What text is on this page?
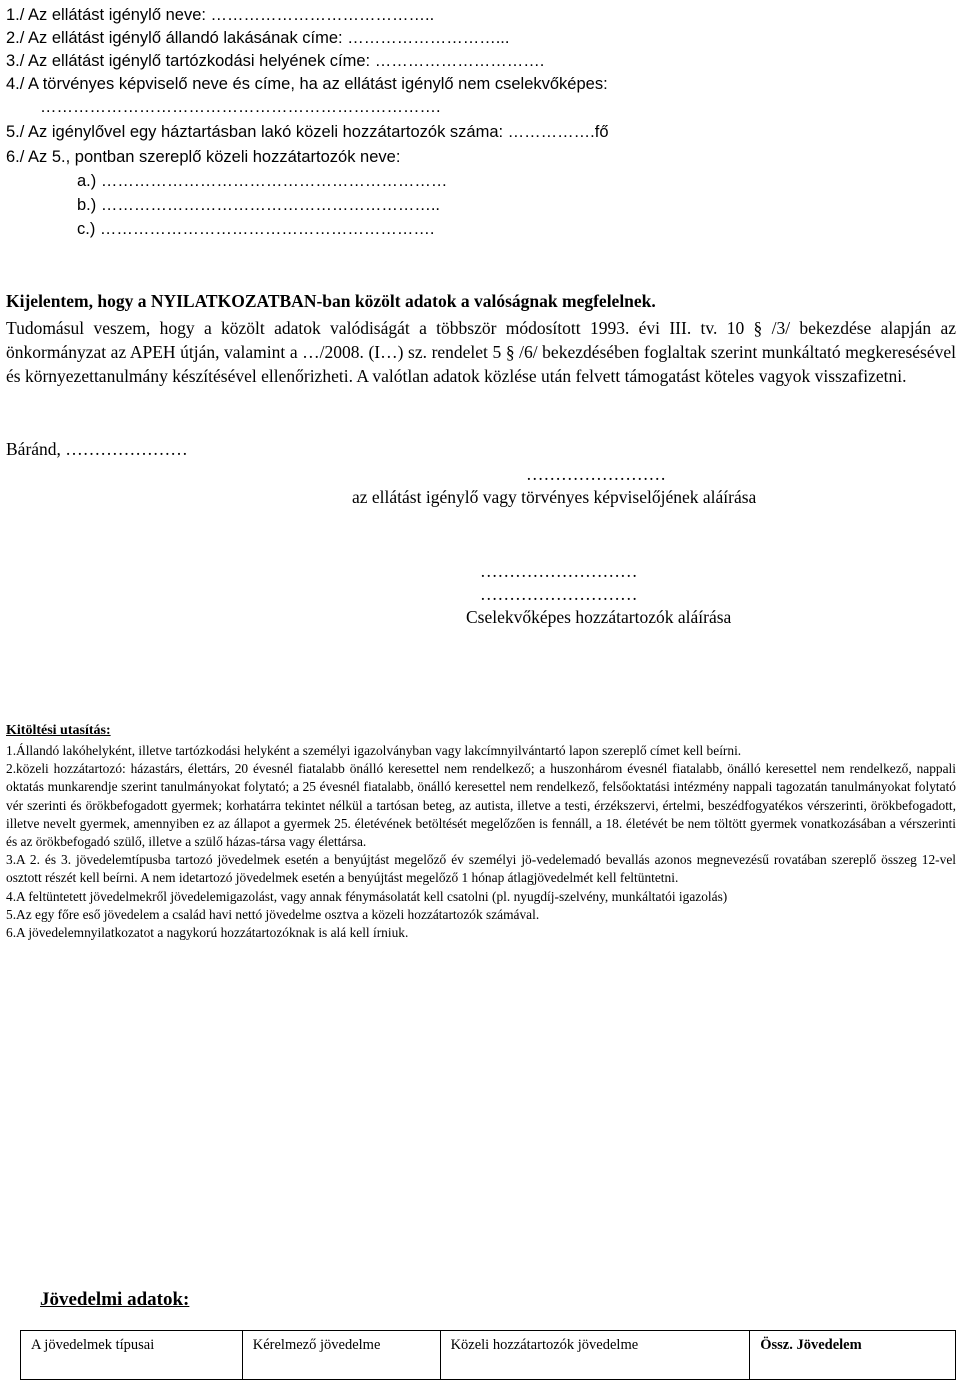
1./ Az ellátást igénylő neve: …………………………………..
2./ Az ellátást igénylő állandó lakásának címe: ………………………...
3./ Az ellátást igénylő tartózkodási helyének címe: ………………………….
4./ A törvényes képviselő neve és címe, ha az ellátást igénylő nem cselekvőképes:
……………………………………………………………….
5./ Az igénylővel egy háztartásban lakó közeli hozzátartozók száma: …………….fő
6./ Az 5., pontban szereplő közeli hozzátartozók neve:
a.) ………………………………………………………
b.) ……………………………………………………..
c.) …………………………………………………….
Kijelentem, hogy a NYILATKOZATBAN-ban közölt adatok a valóságnak megfelelnek.
Tudomásul veszem, hogy a közölt adatok valódiságát a többször módosított 1993. évi III. tv. 10 § /3/ bekezdése alapján az önkormányzat az APEH útján, valamint a …/2008. (I…) sz. rendelet 5 § /6/ bekezdésében foglaltak szerint munkáltató megkeresésével és környezettanulmány készítésével ellenőrizheti. A valótlan adatok közlése után felvett támogatást köteles vagyok visszafizetni.
Báránd, …………………
……………………
az ellátást igénylő vagy törvényes képviselőjének aláírása
………………………
………………………
Cselekvőképes hozzátartozók aláírása
Kitöltési utasítás:

1.Állandó lakóhelyként, illetve tartózkodási helyként a személyi igazolványban vagy lakcímnyilvántartó lapon szereplő címet kell beírni.

2.közeli hozzátartozó: házastárs, élettárs, 20 évesnél fiatalabb önálló keresettel nem rendelkező; a huszonhárom évesnél fiatalabb, önálló keresettel nem rendelkező, nappali oktatás munkarendje szerint tanulmányokat folytató; a 25 évesnél fiatalabb, önálló keresettel nem rendelkező, felsőoktatási intézmény nappali tagozatán tanulmányokat folytató vér szerinti és örökbefogadott gyermek; korhatárra tekintet nélkül a tartósan beteg, az autista, illetve a testi, érzékszervi, értelmi, beszédfogyatékos vérszerinti, örökbefogadott, illetve nevelt gyermek, amennyiben ez az állapot a gyermek 25. életévének betöltését megelőzően is fennáll, a 18. életévét be nem töltött gyermek vonatkozásában a vérszerinti és az örökbefogadó szülő, illetve a szülő házas-társa vagy élettársa.

3.A 2. és 3. jövedelemtípusba tartozó jövedelmek esetén a benyújtást megelőző év személyi jö-vedelemadó bevallás azonos megnevezésű rovatában szereplő összeg 12-vel osztott részét kell beírni. A nem idetartozó jövedelmek esetén a benyújtást megelőző 1 hónap átlagjövedelmét kell feltüntetni.

4.A feltüntetett jövedelmekről jövedelemigazolást, vagy annak fénymásolatát kell csatolni (pl. nyugdíj-szelvény, munkáltatói igazolás)

5.Az egy főre eső jövedelem a család havi nettó jövedelme osztva a közeli hozzátartozók számával.

6.A jövedelemnyilatkozatot a nagykorú hozzátartozóknak is alá kell írniuk.

Jövedelmi adatok:
A jövedelmek típusai	Kérelmező jövedelme	Közeli hozzátartozók jövedelme	Össz. Jövedelem
